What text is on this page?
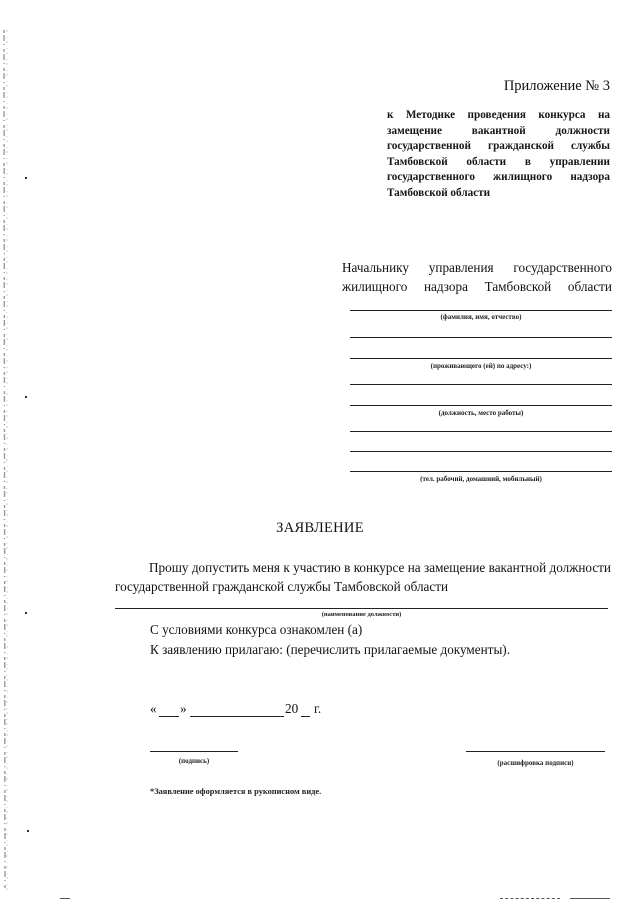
Приложение № 3
к Методике проведения конкурса на замещение вакантной должности государственной гражданской службы Тамбовской области в управлении государственного жилищного надзора Тамбовской области
Начальнику управления государственного жилищного надзора Тамбовской области
(фамилия, имя, отчество)
(проживающего (ей) по адресу:)
(должность, место работы)
(тел. рабочий, домашний, мобильный)
ЗАЯВЛЕНИЕ
Прошу допустить меня к участию в конкурсе на замещение вакантной должности государственной гражданской службы Тамбовской области
(наименование должности)
С условиями конкурса ознакомлен (а)
К заявлению прилагаю: (перечислить прилагаемые документы).
« »	20 г.
(подпись)	(расшифровка подписи)
*Заявление оформляется в рукописном виде.
